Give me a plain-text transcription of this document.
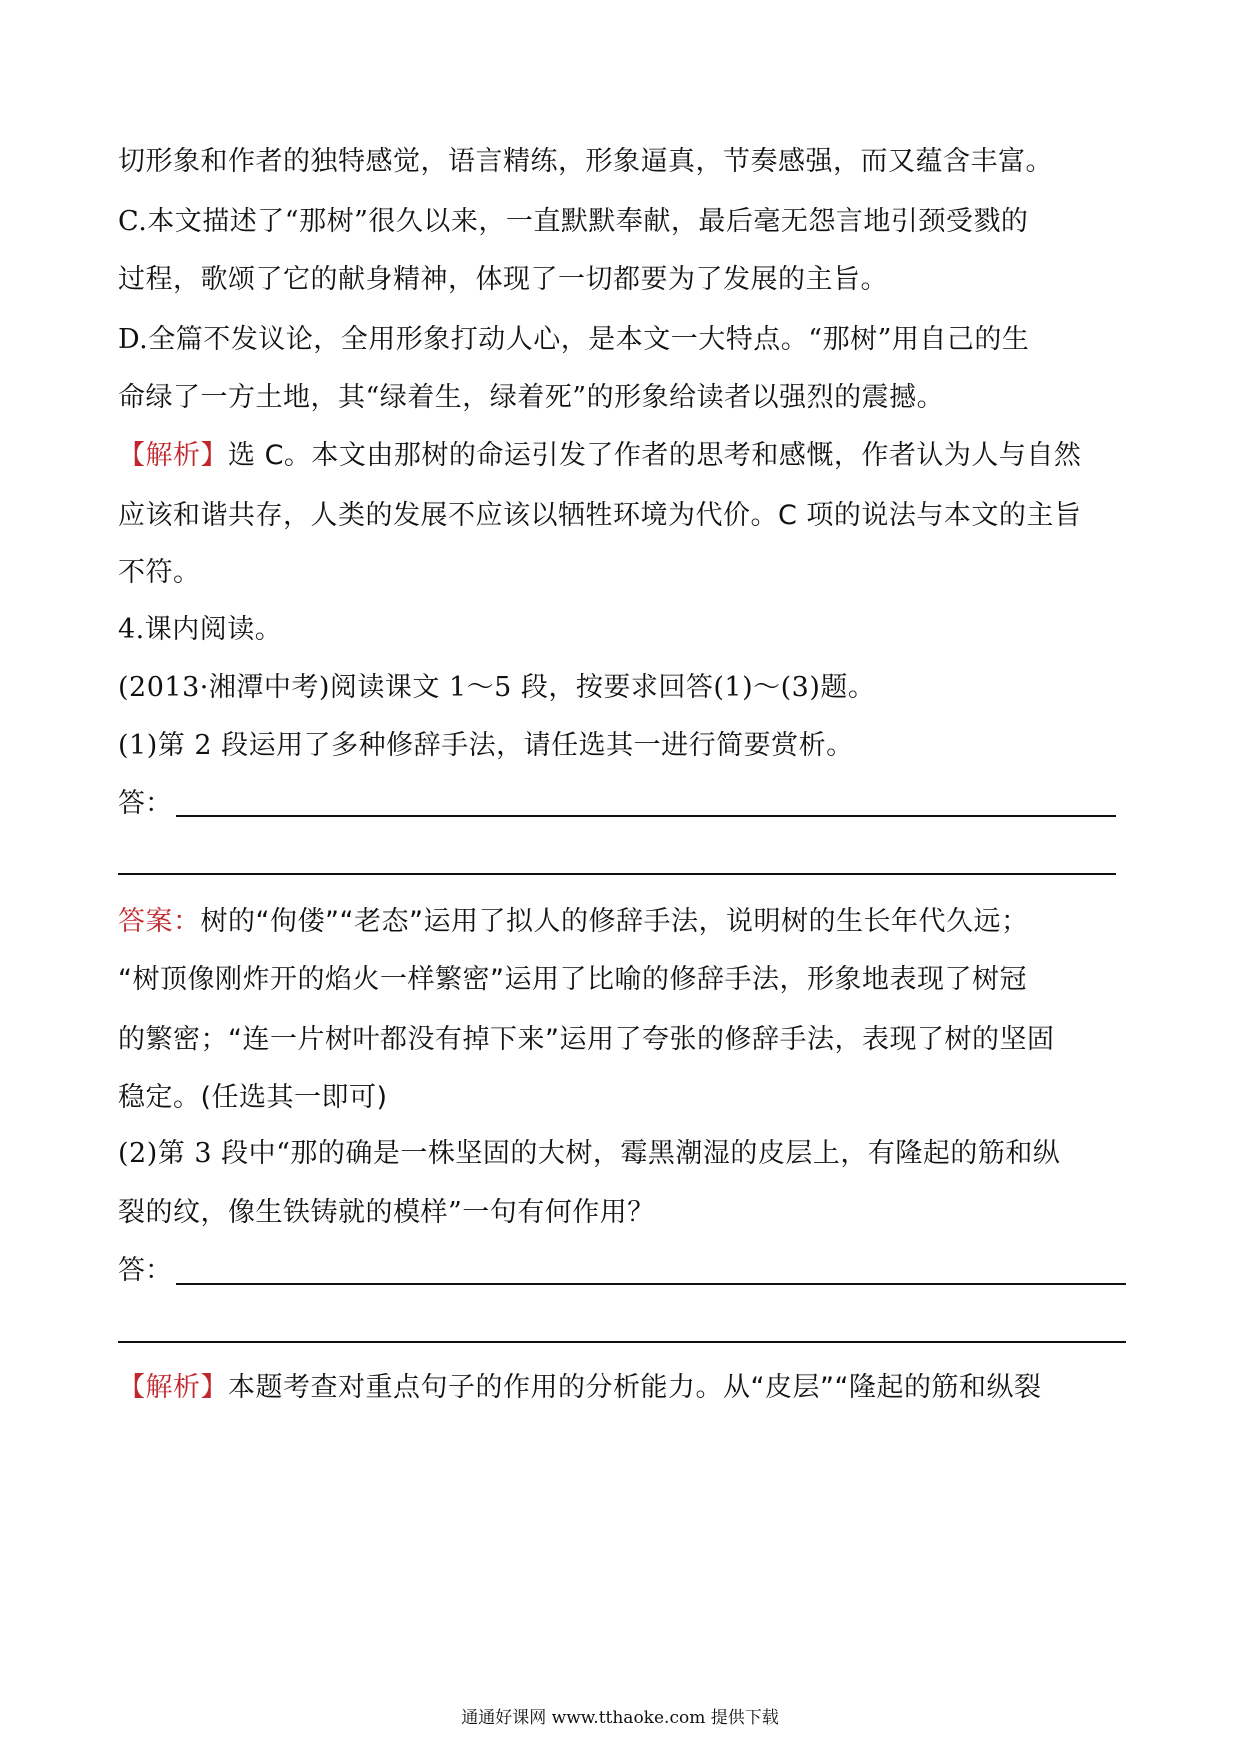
切形象和作者的独特感觉，语言精练，形象逼真，节奏感强，而又蕴含丰富。
C.本文描述了“那树”很久以来，一直默默奉献，最后毫无怨言地引颈受戮的
过程，歌颂了它的献身精神，体现了一切都要为了发展的主旨。
D.全篇不发议论，全用形象打动人心，是本文一大特点。“那树”用自己的生
命绿了一方土地，其“绿着生，绿着死”的形象给读者以强烈的震撼。
【解析】选 C。本文由那树的命运引发了作者的思考和感慨，作者认为人与自然
应该和谐共存，人类的发展不应该以牺牲环境为代价。C 项的说法与本文的主旨
不符。
4.课内阅读。
(2013·湘潭中考)阅读课文 1～5 段，按要求回答(1)～(3)题。
(1)第 2 段运用了多种修辞手法，请任选其一进行简要赏析。
答：
答案：树的“佝偻”“老态”运用了拟人的修辞手法，说明树的生长年代久远；
“树顶像刚炸开的焰火一样繁密”运用了比喻的修辞手法，形象地表现了树冠
的繁密；“连一片树叶都没有掉下来”运用了夸张的修辞手法，表现了树的坚固
稳定。(任选其一即可)
(2)第 3 段中“那的确是一株坚固的大树，霉黑潮湿的皮层上，有隆起的筋和纵
裂的纹，像生铁铸就的模样”一句有何作用？
答：
【解析】本题考查对重点句子的作用的分析能力。从“皮层”“隆起的筋和纵裂
通通好课网 www.tthaoke.com 提供下载
